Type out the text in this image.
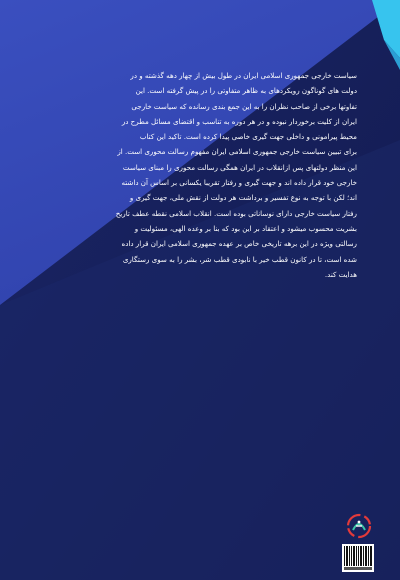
سیاست خارجی جمهوری اسلامی ایران در طول بیش از چهار دهه گذشته و در
دولت های گوناگون رویکردهای به ظاهر متفاوتی را در پیش گرفته است. این
تفاوتها برخی از صاحب نظران را به این جمع بندی رسانده که سیاست خارجی
ایران از کلیت برخوردار نبوده و در هر دوره به تناسب و اقتضای مسائل مطرح در
محیط پیرامونی و داخلی جهت گیری خاصی پیدا کرده است. تاکید این کتاب
برای تبیین سیاست خارجی جمهوری اسلامی ایران مفهوم رسالت محوری است. از
این منظر دولتهای پس ازانقلاب در ایران همگی رسالت محوری را مبنای سیاست
خارجی خود قرار داده اند و جهت گیری و رفتار تقریبا یکسانی بر اساس آن داشته
اند؛ لکن با توجه به نوع تفسیر و برداشت هر دولت از نقش ملی، جهت گیری و
رفتار سیاست خارجی دارای نوساناتی بوده است. انقلاب اسلامی نقطه عطف تاریخ
بشریت محسوب میشود و اعتقاد بر این بود که بنا بر وعده الهی، مسئولیت و
رسالتی ویژه در این برهه تاریخی خاص بر عهده جمهوری اسلامی ایران قرار داده
شده است، تا در کانون قطب خیر با نابودی قطب شر، بشر را به سوی رستگاری
هدایت کند.
